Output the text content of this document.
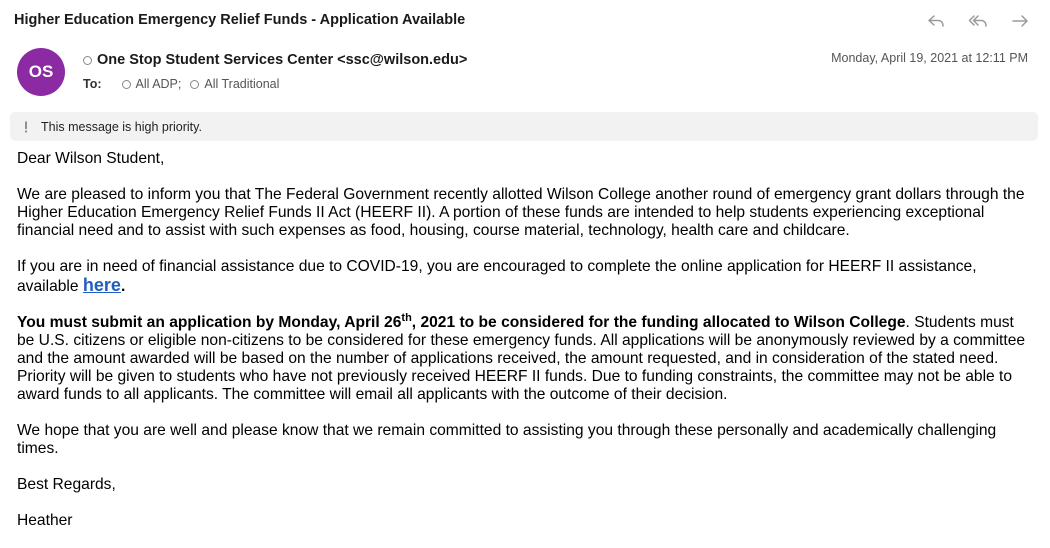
Higher Education Emergency Relief Funds - Application Available
OS
One Stop Student Services Center <ssc@wilson.edu>
To:	All ADP; All Traditional
Monday, April 19, 2021 at 12:11 PM
This message is high priority.

Dear Wilson Student,

We are pleased to inform you that The Federal Government recently allotted Wilson College another round of emergency grant dollars through the Higher Education Emergency Relief Funds II Act (HEERF II). A portion of these funds are intended to help students experiencing exceptional financial need and to assist with such expenses as food, housing, course material, technology, health care and childcare.

If you are in need of financial assistance due to COVID-19, you are encouraged to complete the online application for HEERF II assistance, available here.

You must submit an application by Monday, April 26th, 2021 to be considered for the funding allocated to Wilson College. Students must be U.S. citizens or eligible non-citizens to be considered for these emergency funds. All applications will be anonymously reviewed by a committee and the amount awarded will be based on the number of applications received, the amount requested, and in consideration of the stated need. Priority will be given to students who have not previously received HEERF II funds. Due to funding constraints, the committee may not be able to award funds to all applicants. The committee will email all applicants with the outcome of their decision.

We hope that you are well and please know that we remain committed to assisting you through these personally and academically challenging times.

Best Regards,

Heather
